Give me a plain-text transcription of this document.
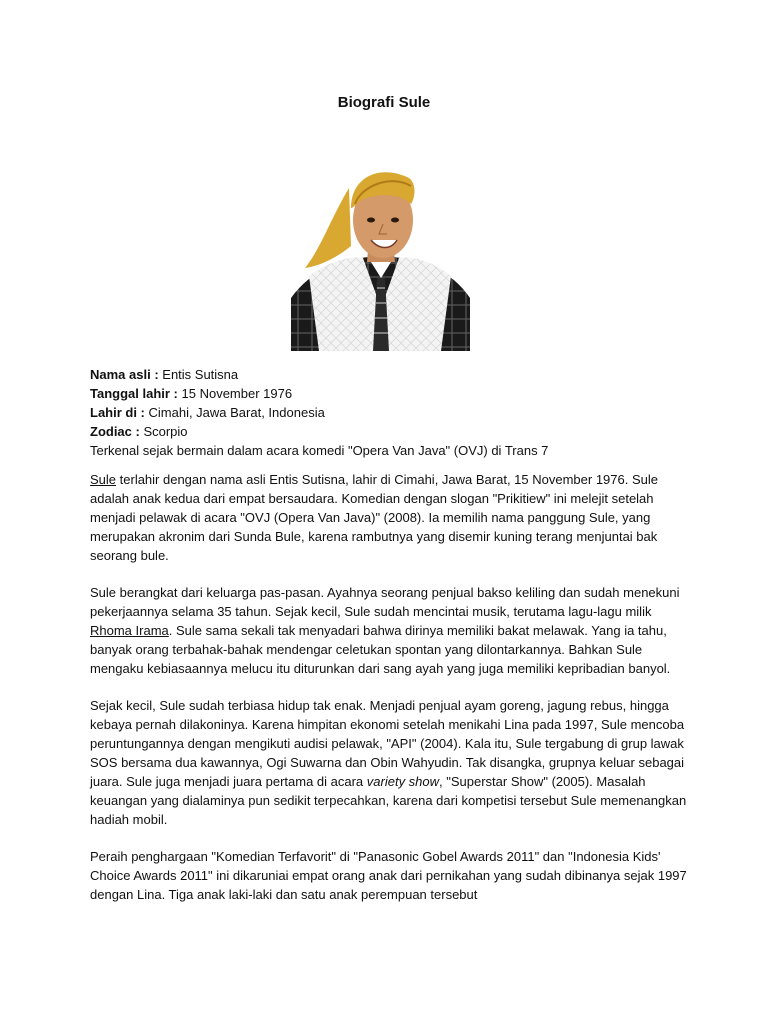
Biografi Sule

Nama asli : Entis Sutisna

Tanggal lahir : 15 November 1976

Lahir di : Cimahi, Jawa Barat, Indonesia

Zodiac : Scorpio

Terkenal sejak bermain dalam acara komedi "Opera Van Java" (OVJ) di Trans 7

Sule terlahir dengan nama asli Entis Sutisna, lahir di Cimahi, Jawa Barat, 15 November 1976. Sule adalah anak kedua dari empat bersaudara. Komedian dengan slogan "Prikitiew" ini melejit setelah menjadi pelawak di acara "OVJ (Opera Van Java)" (2008). Ia memilih nama panggung Sule, yang merupakan akronim dari Sunda Bule, karena rambutnya yang disemir kuning terang menjuntai bak seorang bule.

Sule berangkat dari keluarga pas-pasan. Ayahnya seorang penjual bakso keliling dan sudah menekuni pekerjaannya selama 35 tahun. Sejak kecil, Sule sudah mencintai musik, terutama lagu-lagu milik Rhoma Irama. Sule sama sekali tak menyadari bahwa dirinya memiliki bakat melawak. Yang ia tahu, banyak orang terbahak-bahak mendengar celetukan spontan yang dilontarkannya. Bahkan Sule mengaku kebiasaannya melucu itu diturunkan dari sang ayah yang juga memiliki kepribadian banyol.

Sejak kecil, Sule sudah terbiasa hidup tak enak. Menjadi penjual ayam goreng, jagung rebus, hingga kebaya pernah dilakoninya. Karena himpitan ekonomi setelah menikahi Lina pada 1997, Sule mencoba peruntungannya dengan mengikuti audisi pelawak, "API" (2004). Kala itu, Sule tergabung di grup lawak SOS bersama dua kawannya, Ogi Suwarna dan Obin Wahyudin. Tak disangka, grupnya keluar sebagai juara. Sule juga menjadi juara pertama di acara variety show, "Superstar Show" (2005). Masalah keuangan yang dialaminya pun sedikit terpecahkan, karena dari kompetisi tersebut Sule memenangkan hadiah mobil.

Peraih penghargaan "Komedian Terfavorit" di "Panasonic Gobel Awards 2011" dan "Indonesia Kids' Choice Awards 2011" ini dikaruniai empat orang anak dari pernikahan yang sudah dibinanya sejak 1997 dengan Lina. Tiga anak laki-laki dan satu anak perempuan tersebut
